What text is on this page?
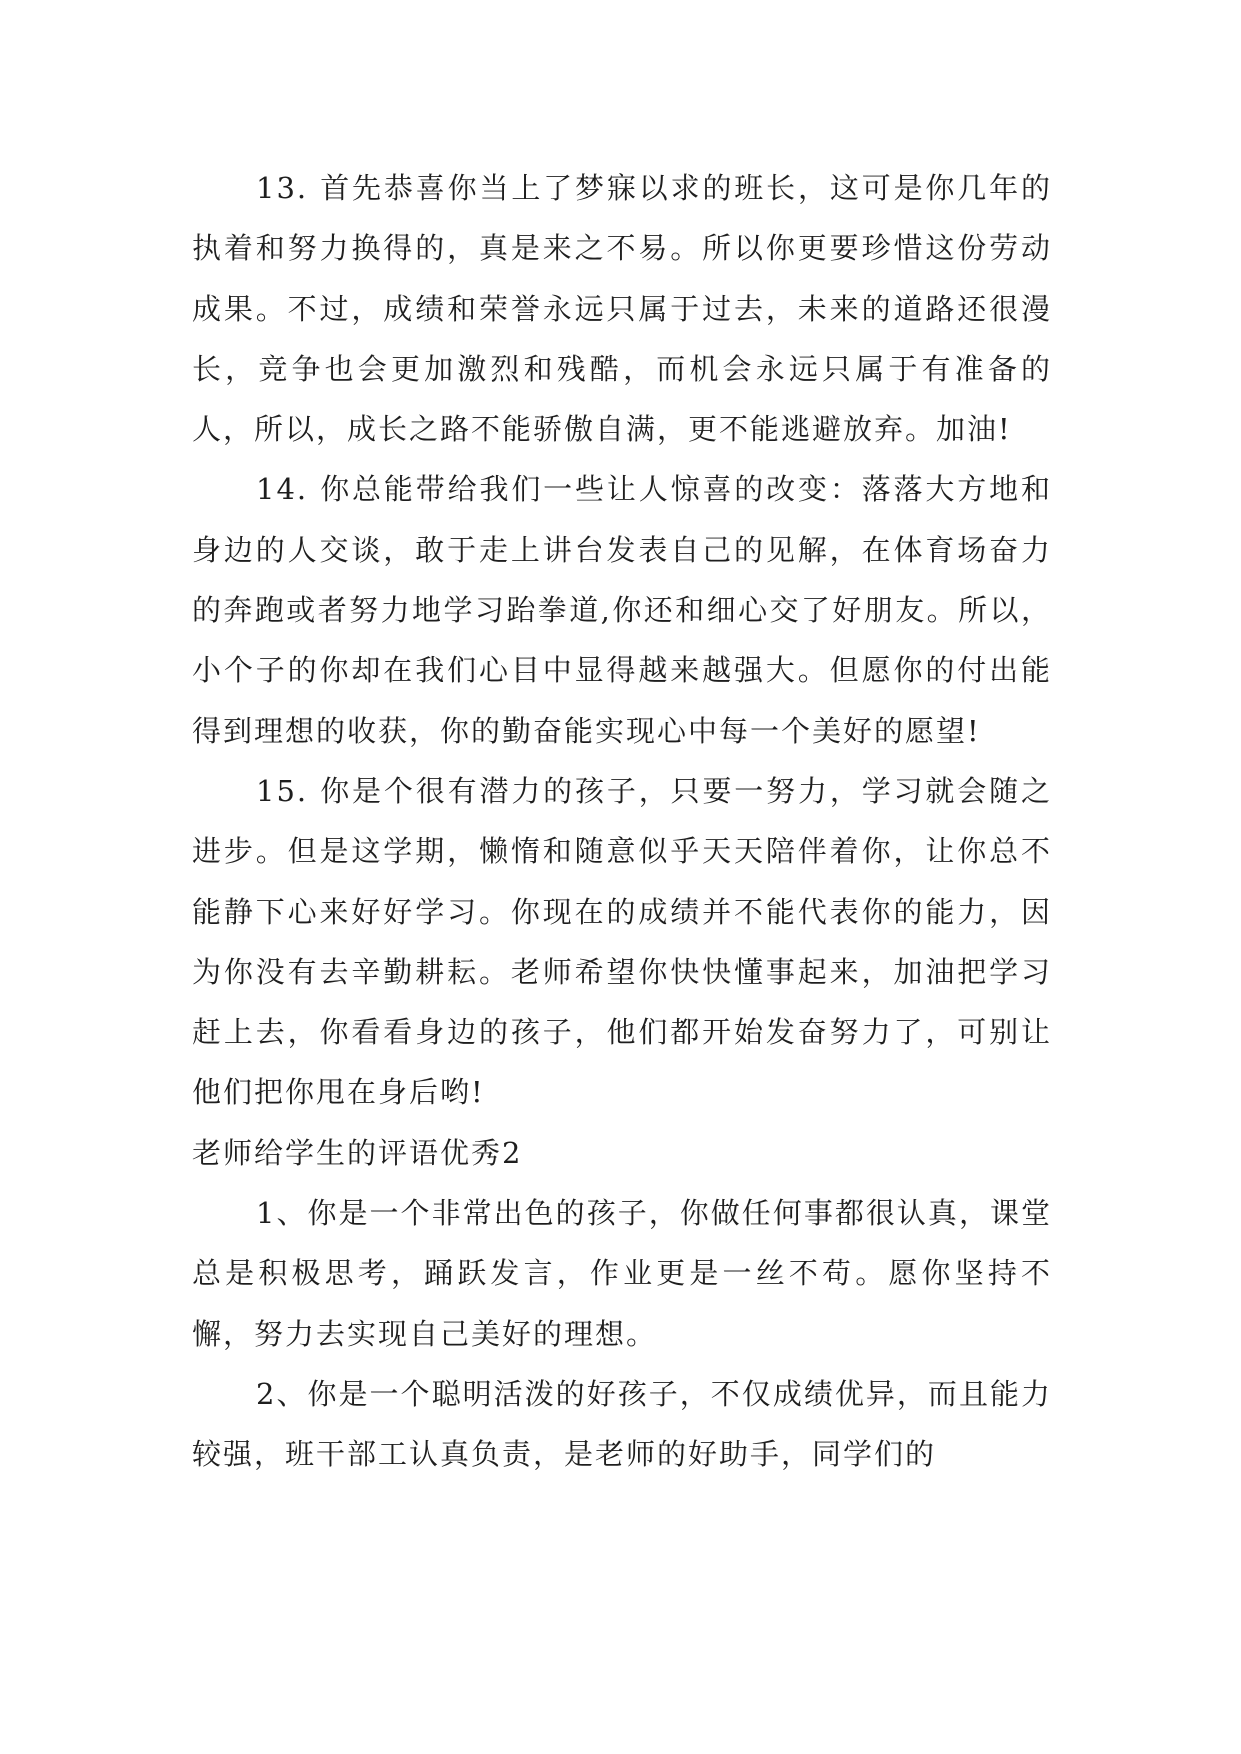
13. 首先恭喜你当上了梦寐以求的班长，这可是你几年的执着和努力换得的，真是来之不易。所以你更要珍惜这份劳动成果。不过，成绩和荣誉永远只属于过去，未来的道路还很漫长，竞争也会更加激烈和残酷，而机会永远只属于有准备的人，所以，成长之路不能骄傲自满，更不能逃避放弃。加油!

14. 你总能带给我们一些让人惊喜的改变：落落大方地和身边的人交谈，敢于走上讲台发表自己的见解，在体育场奋力的奔跑或者努力地学习跆拳道,你还和细心交了好朋友。所以，小个子的你却在我们心目中显得越来越强大。但愿你的付出能得到理想的收获，你的勤奋能实现心中每一个美好的愿望!

15. 你是个很有潜力的孩子，只要一努力，学习就会随之进步。但是这学期，懒惰和随意似乎天天陪伴着你，让你总不能静下心来好好学习。你现在的成绩并不能代表你的能力，因为你没有去辛勤耕耘。老师希望你快快懂事起来，加油把学习赶上去，你看看身边的孩子，他们都开始发奋努力了，可别让他们把你甩在身后哟!

老师给学生的评语优秀2

1、你是一个非常出色的孩子，你做任何事都很认真，课堂总是积极思考，踊跃发言，作业更是一丝不苟。愿你坚持不懈，努力去实现自己美好的理想。

2、你是一个聪明活泼的好孩子，不仅成绩优异，而且能力较强，班干部工认真负责，是老师的好助手，同学们的
